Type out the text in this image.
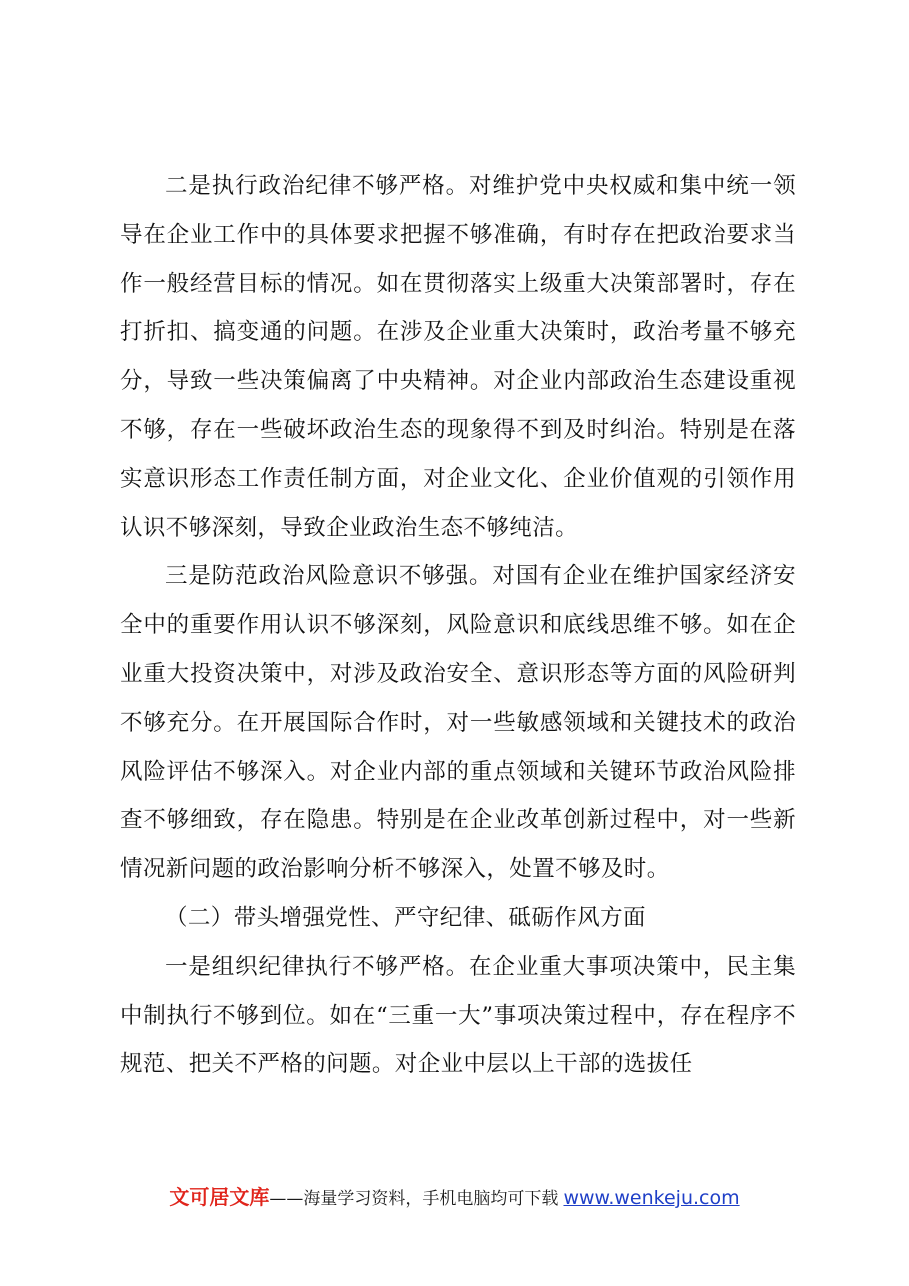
二是执行政治纪律不够严格。对维护党中央权威和集中统一领导在企业工作中的具体要求把握不够准确，有时存在把政治要求当作一般经营目标的情况。如在贯彻落实上级重大决策部署时，存在打折扣、搞变通的问题。在涉及企业重大决策时，政治考量不够充分，导致一些决策偏离了中央精神。对企业内部政治生态建设重视不够，存在一些破坏政治生态的现象得不到及时纠治。特别是在落实意识形态工作责任制方面，对企业文化、企业价值观的引领作用认识不够深刻，导致企业政治生态不够纯洁。

三是防范政治风险意识不够强。对国有企业在维护国家经济安全中的重要作用认识不够深刻，风险意识和底线思维不够。如在企业重大投资决策中，对涉及政治安全、意识形态等方面的风险研判不够充分。在开展国际合作时，对一些敏感领域和关键技术的政治风险评估不够深入。对企业内部的重点领域和关键环节政治风险排查不够细致，存在隐患。特别是在企业改革创新过程中，对一些新情况新问题的政治影响分析不够深入，处置不够及时。

（二）带头增强党性、严守纪律、砥砺作风方面

一是组织纪律执行不够严格。在企业重大事项决策中，民主集中制执行不够到位。如在“三重一大”事项决策过程中，存在程序不规范、把关不严格的问题。对企业中层以上干部的选拔任

文可居文库——海量学习资料，手机电脑均可下载 www.wenkeju.com
